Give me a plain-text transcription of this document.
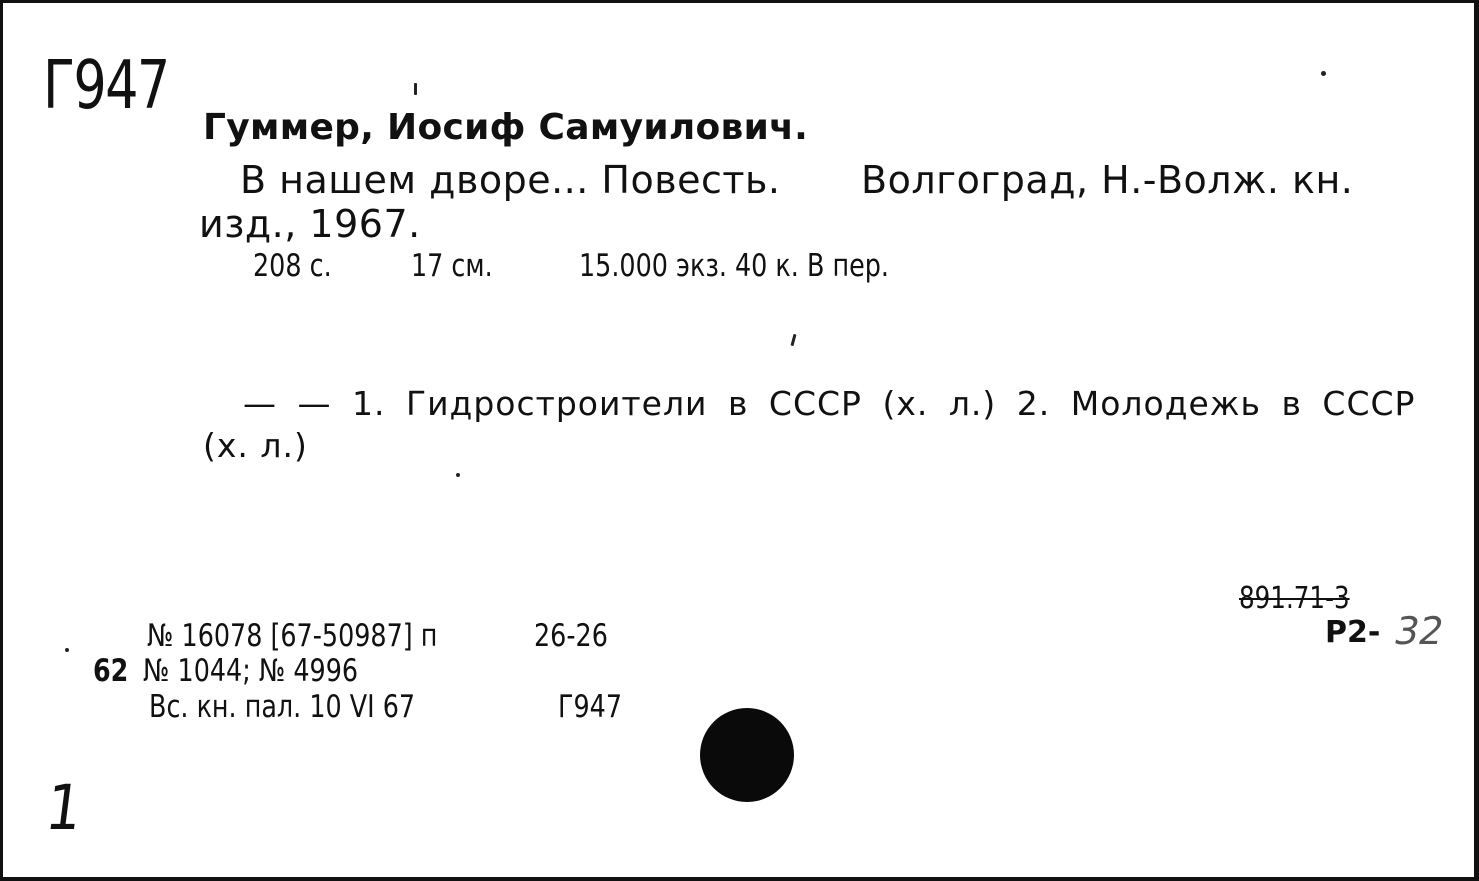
Г947
Гуммер, Иосиф Самуилович.
В нашем дворе... Повесть. Волгоград, Н.-Волж. кн.
изд., 1967.
208 с.	17 см.	15.000 экз. 40 к. В пер.
— — 1. Гидростроители в СССР (х. л.) 2. Молодежь в СССР
(х. л.)
№ 16078 [67-50987] п	26-26
62 № 1044; № 4996
Вс. кн. пал. 10 VI 67	Г947
891.71-3
Р2- 32
1
